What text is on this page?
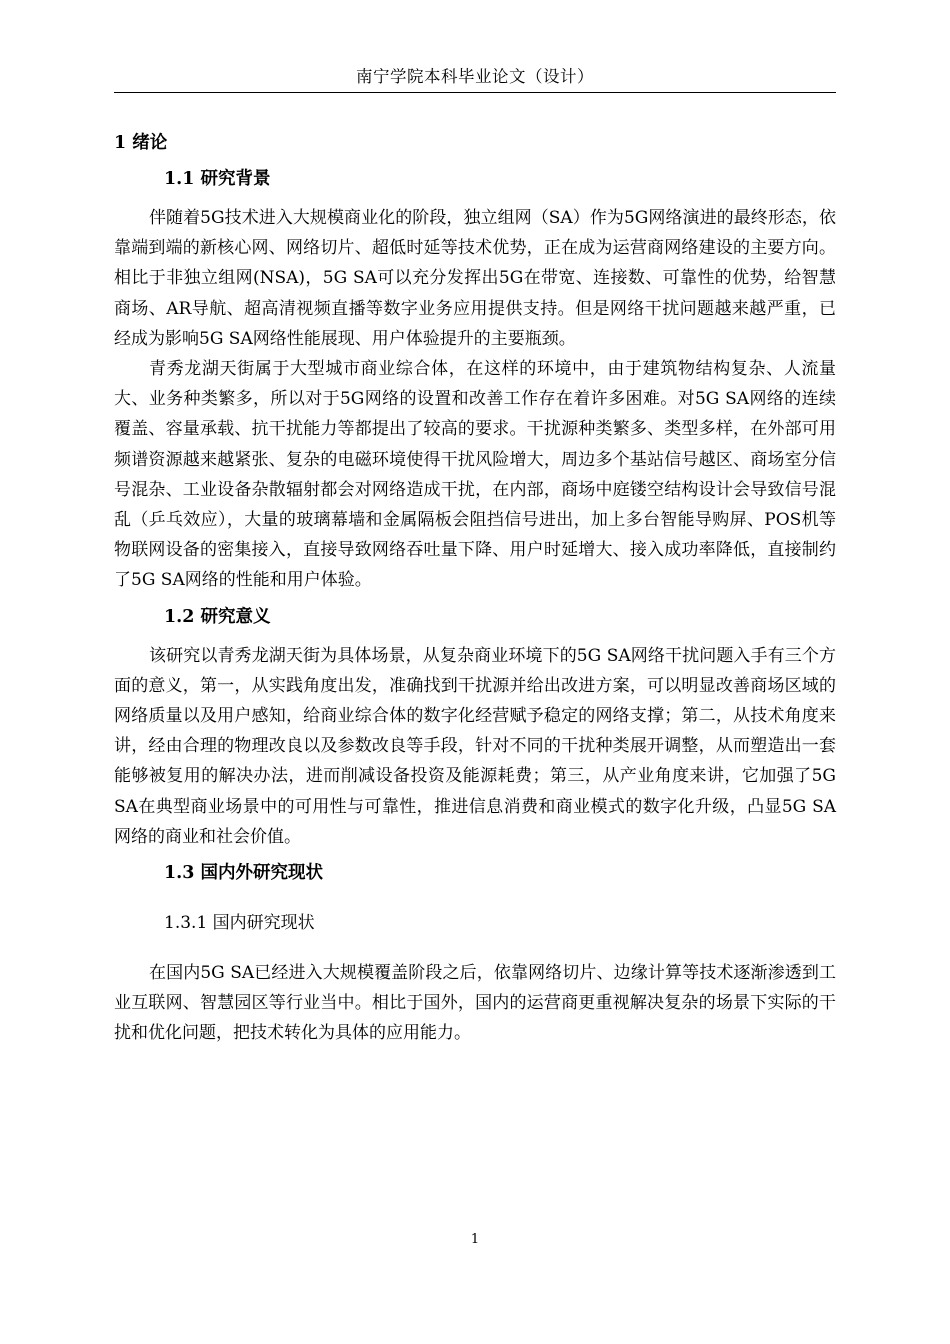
南宁学院本科毕业论文（设计）
1 绪论
1.1 研究背景

伴随着5G技术进入大规模商业化的阶段，独立组网（SA）作为5G网络演进的最终形态，依靠端到端的新核心网、网络切片、超低时延等技术优势，正在成为运营商网络建设的主要方向。相比于非独立组网(NSA)，5G SA可以充分发挥出5G在带宽、连接数、可靠性的优势，给智慧商场、AR导航、超高清视频直播等数字业务应用提供支持。但是网络干扰问题越来越严重，已经成为影响5G SA网络性能展现、用户体验提升的主要瓶颈。

青秀龙湖天街属于大型城市商业综合体，在这样的环境中，由于建筑物结构复杂、人流量大、业务种类繁多，所以对于5G网络的设置和改善工作存在着许多困难。对5G SA网络的连续覆盖、容量承载、抗干扰能力等都提出了较高的要求。干扰源种类繁多、类型多样，在外部可用频谱资源越来越紧张、复杂的电磁环境使得干扰风险增大，周边多个基站信号越区、商场室分信号混杂、工业设备杂散辐射都会对网络造成干扰，在内部，商场中庭镂空结构设计会导致信号混乱（乒乓效应），大量的玻璃幕墙和金属隔板会阻挡信号进出，加上多台智能导购屏、POS机等物联网设备的密集接入，直接导致网络吞吐量下降、用户时延增大、接入成功率降低，直接制约了5G SA网络的性能和用户体验。

1.2 研究意义

该研究以青秀龙湖天街为具体场景，从复杂商业环境下的5G SA网络干扰问题入手有三个方面的意义，第一，从实践角度出发，准确找到干扰源并给出改进方案，可以明显改善商场区域的网络质量以及用户感知，给商业综合体的数字化经营赋予稳定的网络支撑；第二，从技术角度来讲，经由合理的物理改良以及参数改良等手段，针对不同的干扰种类展开调整，从而塑造出一套能够被复用的解决办法，进而削减设备投资及能源耗费；第三，从产业角度来讲，它加强了5G SA在典型商业场景中的可用性与可靠性，推进信息消费和商业模式的数字化升级，凸显5G SA网络的商业和社会价值。

1.3 国内外研究现状
1.3.1 国内研究现状

在国内5G SA已经进入大规模覆盖阶段之后，依靠网络切片、边缘计算等技术逐渐渗透到工业互联网、智慧园区等行业当中。相比于国外，国内的运营商更重视解决复杂的场景下实际的干扰和优化问题，把技术转化为具体的应用能力。

1
